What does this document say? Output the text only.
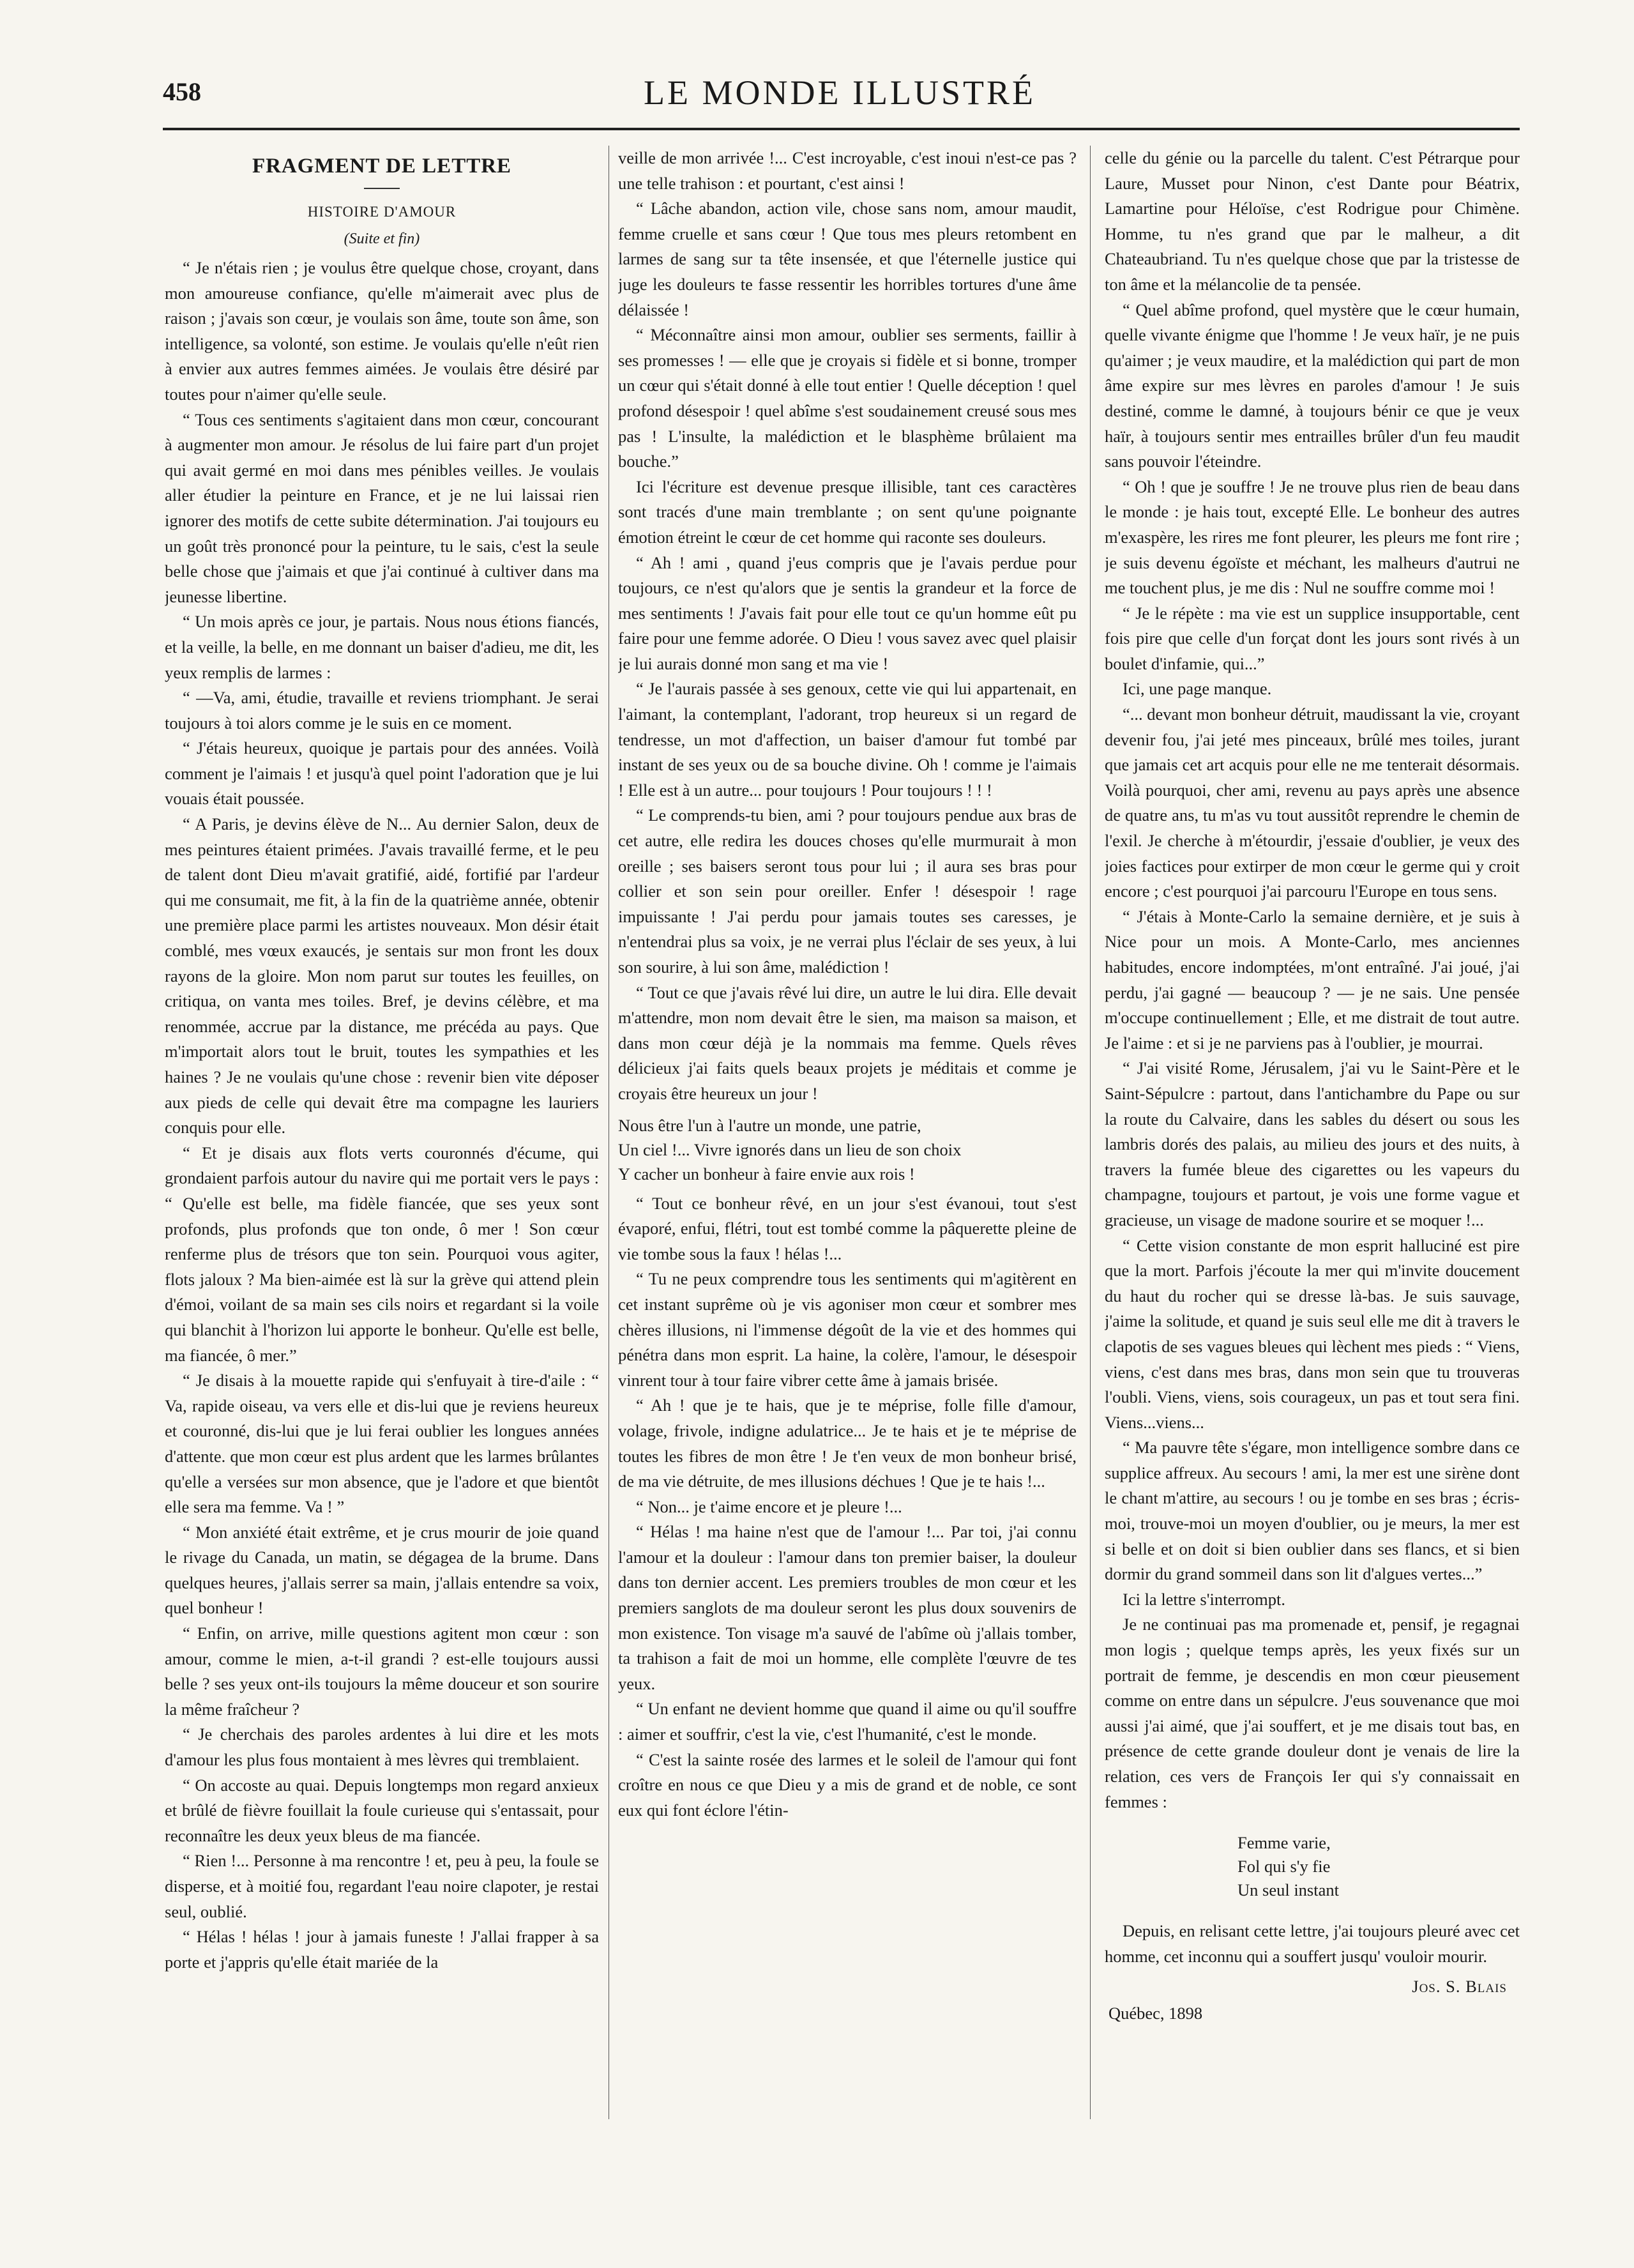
458	LE MONDE ILLUSTRÉ
FRAGMENT DE LETTRE
HISTOIRE D'AMOUR
(Suite et fin)

“ Je n'étais rien ; je voulus être quelque chose, croyant, dans mon amoureuse confiance, qu'elle m'aimerait avec plus de raison ; j'avais son cœur, je voulais son âme, toute son âme, son intelligence, sa volonté, son estime. Je voulais qu'elle n'eût rien à envier aux autres femmes aimées. Je voulais être désiré par toutes pour n'aimer qu'elle seule.

“ Tous ces sentiments s'agitaient dans mon cœur, concourant à augmenter mon amour. Je résolus de lui faire part d'un projet qui avait germé en moi dans mes pénibles veilles. Je voulais aller étudier la peinture en France, et je ne lui laissai rien ignorer des motifs de cette subite détermination. J'ai toujours eu un goût très prononcé pour la peinture, tu le sais, c'est la seule belle chose que j'aimais et que j'ai continué à cultiver dans ma jeunesse libertine.

“ Un mois après ce jour, je partais. Nous nous étions fiancés, et la veille, la belle, en me donnant un baiser d'adieu, me dit, les yeux remplis de larmes :

“ —Va, ami, étudie, travaille et reviens triomphant. Je serai toujours à toi alors comme je le suis en ce moment.

“ J'étais heureux, quoique je partais pour des années. Voilà comment je l'aimais ! et jusqu'à quel point l'adoration que je lui vouais était poussée.

“ A Paris, je devins élève de N... Au dernier Salon, deux de mes peintures étaient primées. J'avais travaillé ferme, et le peu de talent dont Dieu m'avait gratifié, aidé, fortifié par l'ardeur qui me consumait, me fit, à la fin de la quatrième année, obtenir une première place parmi les artistes nouveaux. Mon désir était comblé, mes vœux exaucés, je sentais sur mon front les doux rayons de la gloire. Mon nom parut sur toutes les feuilles, on critiqua, on vanta mes toiles. Bref, je devins célèbre, et ma renommée, accrue par la distance, me précéda au pays. Que m'importait alors tout le bruit, toutes les sympathies et les haines ? Je ne voulais qu'une chose : revenir bien vite déposer aux pieds de celle qui devait être ma compagne les lauriers conquis pour elle.

“ Et je disais aux flots verts couronnés d'écume, qui grondaient parfois autour du navire qui me portait vers le pays : “ Qu'elle est belle, ma fidèle fiancée, que ses yeux sont profonds, plus profonds que ton onde, ô mer ! Son cœur renferme plus de trésors que ton sein. Pourquoi vous agiter, flots jaloux ? Ma bien-aimée est là sur la grève qui attend plein d'émoi, voilant de sa main ses cils noirs et regardant si la voile qui blanchit à l'horizon lui apporte le bonheur. Qu'elle est belle, ma fiancée, ô mer.”

“ Je disais à la mouette rapide qui s'enfuyait à tire-d'aile : “ Va, rapide oiseau, va vers elle et dis-lui que je reviens heureux et couronné, dis-lui que je lui ferai oublier les longues années d'attente. que mon cœur est plus ardent que les larmes brûlantes qu'elle a versées sur mon absence, que je l'adore et que bientôt elle sera ma femme. Va ! ”

“ Mon anxiété était extrême, et je crus mourir de joie quand le rivage du Canada, un matin, se dégagea de la brume. Dans quelques heures, j'allais serrer sa main, j'allais entendre sa voix, quel bonheur !

“ Enfin, on arrive, mille questions agitent mon cœur : son amour, comme le mien, a-t-il grandi ? est-elle toujours aussi belle ? ses yeux ont-ils toujours la même douceur et son sourire la même fraîcheur ?

“ Je cherchais des paroles ardentes à lui dire et les mots d'amour les plus fous montaient à mes lèvres qui tremblaient.

“ On accoste au quai. Depuis longtemps mon regard anxieux et brûlé de fièvre fouillait la foule curieuse qui s'entassait, pour reconnaître les deux yeux bleus de ma fiancée.

“ Rien !... Personne à ma rencontre ! et, peu à peu, la foule se disperse, et à moitié fou, regardant l'eau noire clapoter, je restai seul, oublié.

“ Hélas ! hélas ! jour à jamais funeste ! J'allai frapper à sa porte et j'appris qu'elle était mariée de la

veille de mon arrivée !... C'est incroyable, c'est inoui n'est-ce pas ? une telle trahison : et pourtant, c'est ainsi !

“ Lâche abandon, action vile, chose sans nom, amour maudit, femme cruelle et sans cœur ! Que tous mes pleurs retombent en larmes de sang sur ta tête insensée, et que l'éternelle justice qui juge les douleurs te fasse ressentir les horribles tortures d'une âme délaissée !

“ Méconnaître ainsi mon amour, oublier ses serments, faillir à ses promesses ! — elle que je croyais si fidèle et si bonne, tromper un cœur qui s'était donné à elle tout entier ! Quelle déception ! quel profond désespoir ! quel abîme s'est soudainement creusé sous mes pas ! L'insulte, la malédiction et le blasphème brûlaient ma bouche.”

Ici l'écriture est devenue presque illisible, tant ces caractères sont tracés d'une main tremblante ; on sent qu'une poignante émotion étreint le cœur de cet homme qui raconte ses douleurs.

“ Ah ! ami , quand j'eus compris que je l'avais perdue pour toujours, ce n'est qu'alors que je sentis la grandeur et la force de mes sentiments ! J'avais fait pour elle tout ce qu'un homme eût pu faire pour une femme adorée. O Dieu ! vous savez avec quel plaisir je lui aurais donné mon sang et ma vie !

“ Je l'aurais passée à ses genoux, cette vie qui lui appartenait, en l'aimant, la contemplant, l'adorant, trop heureux si un regard de tendresse, un mot d'affection, un baiser d'amour fut tombé par instant de ses yeux ou de sa bouche divine. Oh ! comme je l'aimais ! Elle est à un autre... pour toujours ! Pour toujours ! ! !

“ Le comprends-tu bien, ami ? pour toujours pendue aux bras de cet autre, elle redira les douces choses qu'elle murmurait à mon oreille ; ses baisers seront tous pour lui ; il aura ses bras pour collier et son sein pour oreiller. Enfer ! désespoir ! rage impuissante ! J'ai perdu pour jamais toutes ses caresses, je n'entendrai plus sa voix, je ne verrai plus l'éclair de ses yeux, à lui son sourire, à lui son âme, malédiction !

“ Tout ce que j'avais rêvé lui dire, un autre le lui dira. Elle devait m'attendre, mon nom devait être le sien, ma maison sa maison, et dans mon cœur déjà je la nommais ma femme. Quels rêves délicieux j'ai faits quels beaux projets je méditais et comme je croyais être heureux un jour !

Nous être l'un à l'autre un monde, une patrie,
Un ciel !... Vivre ignorés dans un lieu de son choix
Y cacher un bonheur à faire envie aux rois !

“ Tout ce bonheur rêvé, en un jour s'est évanoui, tout s'est évaporé, enfui, flétri, tout est tombé comme la pâquerette pleine de vie tombe sous la faux ! hélas !...

“ Tu ne peux comprendre tous les sentiments qui m'agitèrent en cet instant suprême où je vis agoniser mon cœur et sombrer mes chères illusions, ni l'immense dégoût de la vie et des hommes qui pénétra dans mon esprit. La haine, la colère, l'amour, le désespoir vinrent tour à tour faire vibrer cette âme à jamais brisée.

“ Ah ! que je te hais, que je te méprise, folle fille d'amour, volage, frivole, indigne adulatrice... Je te hais et je te méprise de toutes les fibres de mon être ! Je t'en veux de mon bonheur brisé, de ma vie détruite, de mes illusions déchues ! Que je te hais !...

“ Non... je t'aime encore et je pleure !...

“ Hélas ! ma haine n'est que de l'amour !... Par toi, j'ai connu l'amour et la douleur : l'amour dans ton premier baiser, la douleur dans ton dernier accent. Les premiers troubles de mon cœur et les premiers sanglots de ma douleur seront les plus doux souvenirs de mon existence. Ton visage m'a sauvé de l'abîme où j'allais tomber, ta trahison a fait de moi un homme, elle complète l'œuvre de tes yeux.

“ Un enfant ne devient homme que quand il aime ou qu'il souffre : aimer et souffrir, c'est la vie, c'est l'humanité, c'est le monde.

“ C'est la sainte rosée des larmes et le soleil de l'amour qui font croître en nous ce que Dieu y a mis de grand et de noble, ce sont eux qui font éclore l'étin-

celle du génie ou la parcelle du talent. C'est Pétrarque pour Laure, Musset pour Ninon, c'est Dante pour Béatrix, Lamartine pour Héloïse, c'est Rodrigue pour Chimène. Homme, tu n'es grand que par le malheur, a dit Chateaubriand. Tu n'es quelque chose que par la tristesse de ton âme et la mélancolie de ta pensée.

“ Quel abîme profond, quel mystère que le cœur humain, quelle vivante énigme que l'homme ! Je veux haïr, je ne puis qu'aimer ; je veux maudire, et la malédiction qui part de mon âme expire sur mes lèvres en paroles d'amour ! Je suis destiné, comme le damné, à toujours bénir ce que je veux haïr, à toujours sentir mes entrailles brûler d'un feu maudit sans pouvoir l'éteindre.

“ Oh ! que je souffre ! Je ne trouve plus rien de beau dans le monde : je hais tout, excepté Elle. Le bonheur des autres m'exaspère, les rires me font pleurer, les pleurs me font rire ; je suis devenu égoïste et méchant, les malheurs d'autrui ne me touchent plus, je me dis : Nul ne souffre comme moi !

“ Je le répète : ma vie est un supplice insupportable, cent fois pire que celle d'un forçat dont les jours sont rivés à un boulet d'infamie, qui...”

Ici, une page manque.

“... devant mon bonheur détruit, maudissant la vie, croyant devenir fou, j'ai jeté mes pinceaux, brûlé mes toiles, jurant que jamais cet art acquis pour elle ne me tenterait désormais. Voilà pourquoi, cher ami, revenu au pays après une absence de quatre ans, tu m'as vu tout aussitôt reprendre le chemin de l'exil. Je cherche à m'étourdir, j'essaie d'oublier, je veux des joies factices pour extirper de mon cœur le germe qui y croit encore ; c'est pourquoi j'ai parcouru l'Europe en tous sens.

“ J'étais à Monte-Carlo la semaine dernière, et je suis à Nice pour un mois. A Monte-Carlo, mes anciennes habitudes, encore indomptées, m'ont entraîné. J'ai joué, j'ai perdu, j'ai gagné — beaucoup ? — je ne sais. Une pensée m'occupe continuellement ; Elle, et me distrait de tout autre. Je l'aime : et si je ne parviens pas à l'oublier, je mourrai.

“ J'ai visité Rome, Jérusalem, j'ai vu le Saint-Père et le Saint-Sépulcre : partout, dans l'antichambre du Pape ou sur la route du Calvaire, dans les sables du désert ou sous les lambris dorés des palais, au milieu des jours et des nuits, à travers la fumée bleue des cigarettes ou les vapeurs du champagne, toujours et partout, je vois une forme vague et gracieuse, un visage de madone sourire et se moquer !...

“ Cette vision constante de mon esprit halluciné est pire que la mort. Parfois j'écoute la mer qui m'invite doucement du haut du rocher qui se dresse là-bas. Je suis sauvage, j'aime la solitude, et quand je suis seul elle me dit à travers le clapotis de ses vagues bleues qui lèchent mes pieds : “ Viens, viens, c'est dans mes bras, dans mon sein que tu trouveras l'oubli. Viens, viens, sois courageux, un pas et tout sera fini. Viens...viens...

“ Ma pauvre tête s'égare, mon intelligence sombre dans ce supplice affreux. Au secours ! ami, la mer est une sirène dont le chant m'attire, au secours ! ou je tombe en ses bras ; écris-moi, trouve-moi un moyen d'oublier, ou je meurs, la mer est si belle et on doit si bien oublier dans ses flancs, et si bien dormir du grand sommeil dans son lit d'algues vertes...”

Ici la lettre s'interrompt.

Je ne continuai pas ma promenade et, pensif, je regagnai mon logis ; quelque temps après, les yeux fixés sur un portrait de femme, je descendis en mon cœur pieusement comme on entre dans un sépulcre. J'eus souvenance que moi aussi j'ai aimé, que j'ai souffert, et je me disais tout bas, en présence de cette grande douleur dont je venais de lire la relation, ces vers de François Ier qui s'y connaissait en femmes :

Femme varie,
Fol qui s'y fie
Un seul instant

Depuis, en relisant cette lettre, j'ai toujours pleuré avec cet homme, cet inconnu qui a souffert jusqu' vouloir mourir.

Jos. S. Blais
Québec, 1898
